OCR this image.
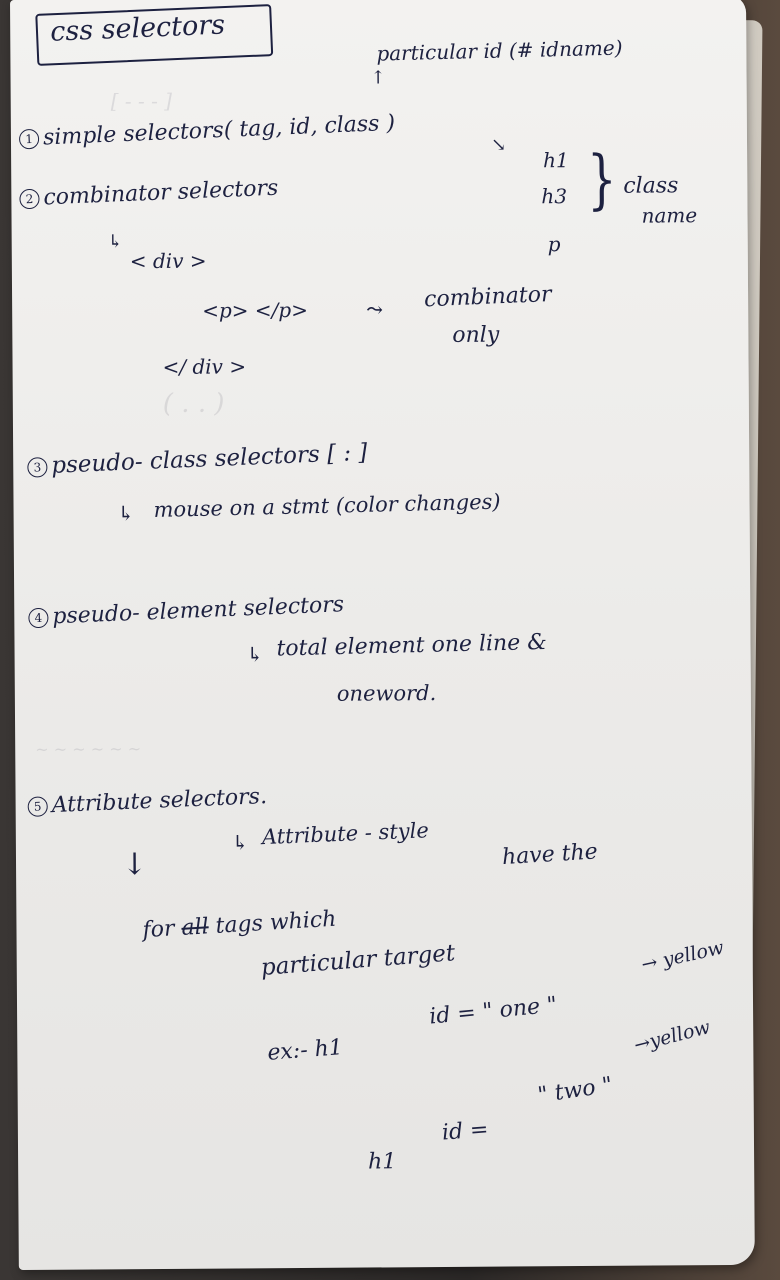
[ - - - ]
( . . )
~ ~ ~ ~ ~ ~
css selectors
particular id (# idname)
↑
1 simple selectors( tag, id, class )	↘
h1
h3
p
} class
name
2 combinator selectors
↳
< div >
<p> </p>	⤳ combinator
only
</ div >
3 pseudo- class selectors [ : ]
↳ mouse on a stmt (color changes)
4 pseudo- element selectors
↳ total element one line &
oneword.
5 Attribute selectors.
↳ Attribute - style
↓	have the
for all tags which
particular target
ex:- h1
id = " one "
→ yellow
h1
id =
" two "
→yellow
